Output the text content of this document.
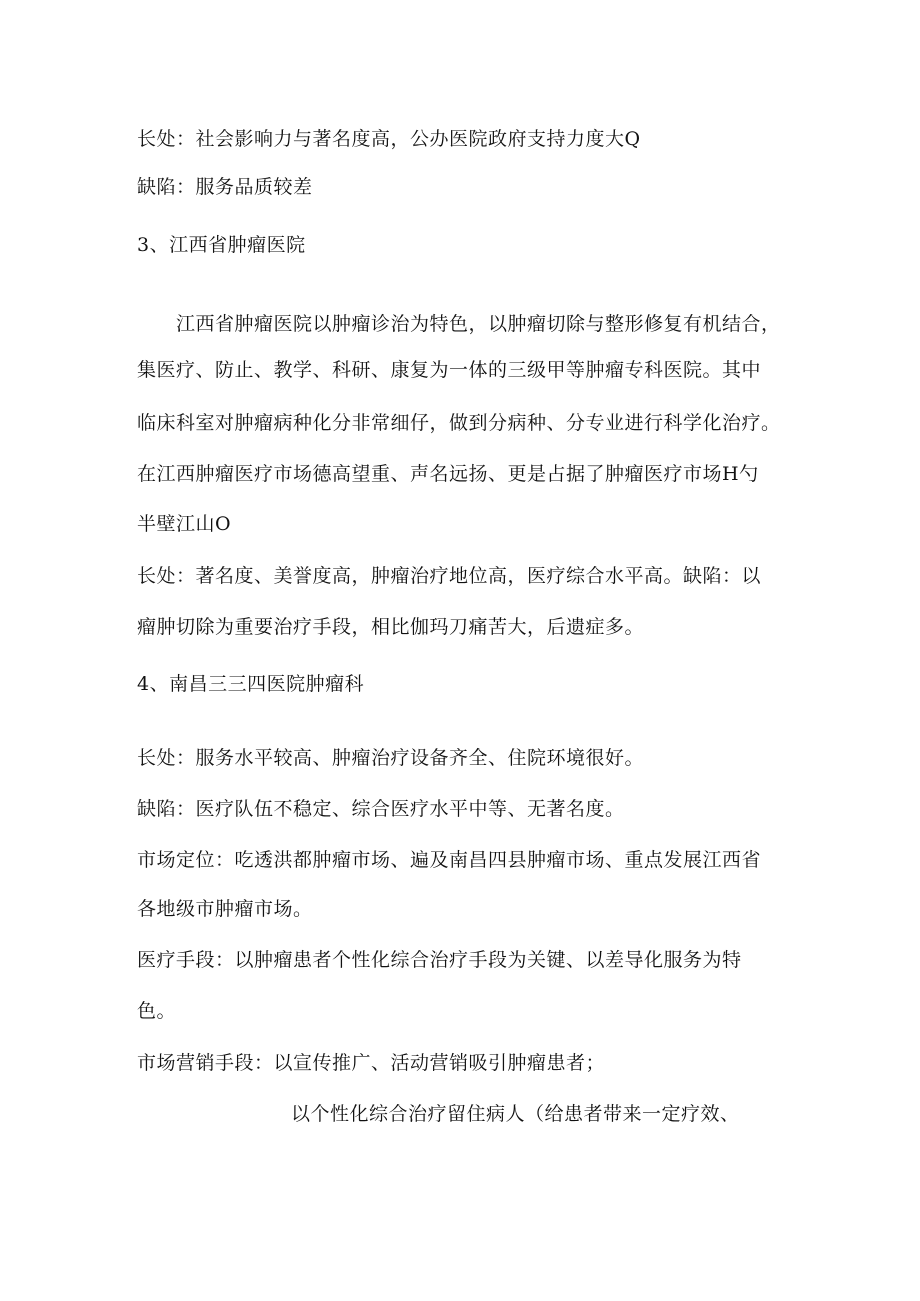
长处：社会影响力与著名度高，公办医院政府支持力度大Q
缺陷：服务品质较差
3、江西省肿瘤医院
江西省肿瘤医院以肿瘤诊治为特色，以肿瘤切除与整形修复有机结合，
集医疗、防止、教学、科研、康复为一体的三级甲等肿瘤专科医院。其中
临床科室对肿瘤病种化分非常细仔，做到分病种、分专业进行科学化治疗。
在江西肿瘤医疗市场德高望重、声名远扬、更是占据了肿瘤医疗市场H勺
半壁江山O
长处：著名度、美誉度高，肿瘤治疗地位高，医疗综合水平高。缺陷：以
瘤肿切除为重要治疗手段，相比伽玛刀痛苦大，后遗症多。
4、南昌三三四医院肿瘤科
长处：服务水平较高、肿瘤治疗设备齐全、住院环境很好。
缺陷：医疗队伍不稳定、综合医疗水平中等、无著名度。
市场定位：吃透洪都肿瘤市场、遍及南昌四县肿瘤市场、重点发展江西省
各地级市肿瘤市场。
医疗手段：以肿瘤患者个性化综合治疗手段为关键、以差导化服务为特
色。
市场营销手段：以宣传推广、活动营销吸引肿瘤患者；
以个性化综合治疗留住病人（给患者带来一定疗效、
